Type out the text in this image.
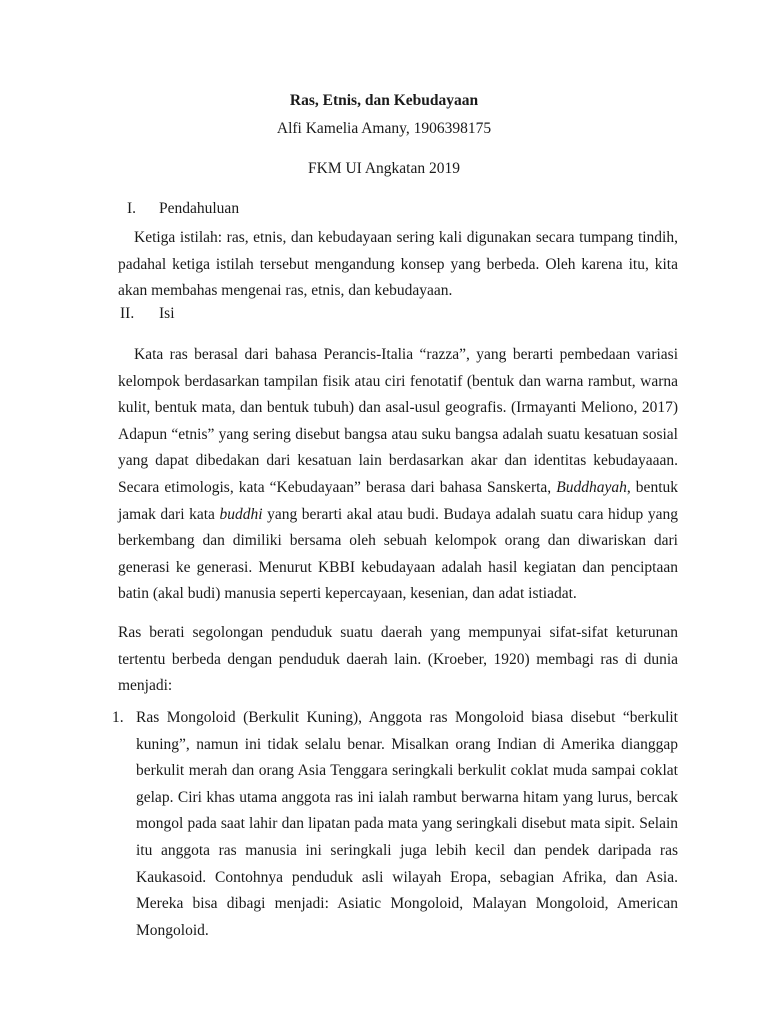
Ras, Etnis, dan Kebudayaan
Alfi Kamelia Amany, 1906398175
FKM UI Angkatan 2019
I. Pendahuluan

Ketiga istilah: ras, etnis, dan kebudayaan sering kali digunakan secara tumpang tindih, padahal ketiga istilah tersebut mengandung konsep yang berbeda. Oleh karena itu, kita akan membahas mengenai ras, etnis, dan kebudayaan.

II. Isi

Kata ras berasal dari bahasa Perancis-Italia “razza”, yang berarti pembedaan variasi kelompok berdasarkan tampilan fisik atau ciri fenotatif (bentuk dan warna rambut, warna kulit, bentuk mata, dan bentuk tubuh) dan asal-usul geografis. (Irmayanti Meliono, 2017) Adapun “etnis” yang sering disebut bangsa atau suku bangsa adalah suatu kesatuan sosial yang dapat dibedakan dari kesatuan lain berdasarkan akar dan identitas kebudayaaan. Secara etimologis, kata “Kebudayaan” berasa dari bahasa Sanskerta, Buddhayah, bentuk jamak dari kata buddhi yang berarti akal atau budi. Budaya adalah suatu cara hidup yang berkembang dan dimiliki bersama oleh sebuah kelompok orang dan diwariskan dari generasi ke generasi. Menurut KBBI kebudayaan adalah hasil kegiatan dan penciptaan batin (akal budi) manusia seperti kepercayaan, kesenian, dan adat istiadat.

Ras berati segolongan penduduk suatu daerah yang mempunyai sifat-sifat keturunan tertentu berbeda dengan penduduk daerah lain. (Kroeber, 1920) membagi ras di dunia menjadi:

1. Ras Mongoloid (Berkulit Kuning), Anggota ras Mongoloid biasa disebut “berkulit kuning”, namun ini tidak selalu benar. Misalkan orang Indian di Amerika dianggap berkulit merah dan orang Asia Tenggara seringkali berkulit coklat muda sampai coklat gelap. Ciri khas utama anggota ras ini ialah rambut berwarna hitam yang lurus, bercak mongol pada saat lahir dan lipatan pada mata yang seringkali disebut mata sipit. Selain itu anggota ras manusia ini seringkali juga lebih kecil dan pendek daripada ras Kaukasoid. Contohnya penduduk asli wilayah Eropa, sebagian Afrika, dan Asia. Mereka bisa dibagi menjadi: Asiatic Mongoloid, Malayan Mongoloid, American Mongoloid.
